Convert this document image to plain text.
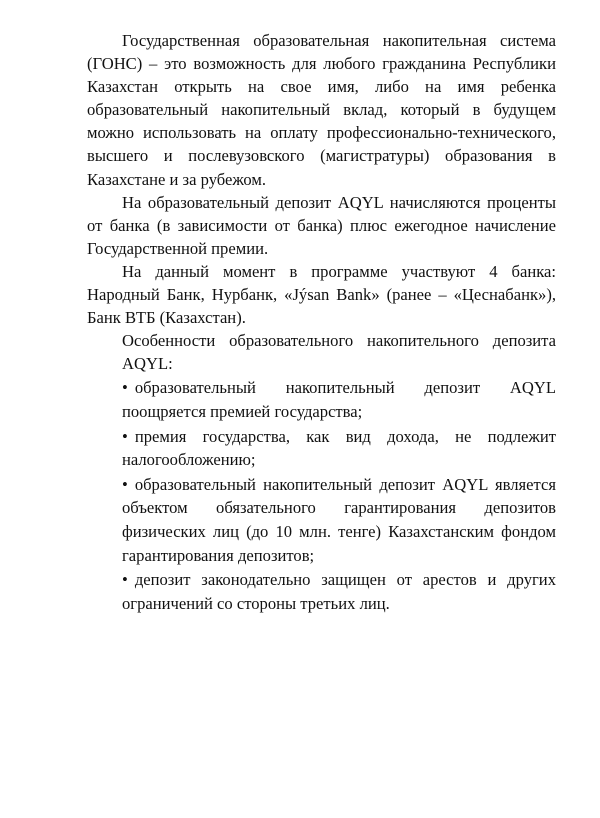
Государственная образовательная накопительная система (ГОНС) – это возможность для любого гражданина Республики Казахстан открыть на свое имя, либо на имя ребенка образовательный накопительный вклад, который в будущем можно использовать на оплату профессионально-технического, высшего и послевузовского (магистратуры) образования в Казахстане и за рубежом.

На образовательный депозит AQYL начисляются проценты от банка (в зависимости от банка) плюс ежегодное начисление Государственной премии.

На данный момент в программе участвуют 4 банка: Народный Банк, Нурбанк, «Jýsan Bank» (ранее – «Цеснабанк»), Банк ВТБ (Казахстан).

Особенности образовательного накопительного депозита AQYL:

• образовательный накопительный депозит AQYL поощряется премией государства;

• премия государства, как вид дохода, не подлежит налогообложению;

• образовательный накопительный депозит AQYL является объектом обязательного гарантирования депозитов физических лиц (до 10 млн. тенге) Казахстанским фондом гарантирования депозитов;

• депозит законодательно защищен от арестов и других ограничений со стороны третьих лиц.
